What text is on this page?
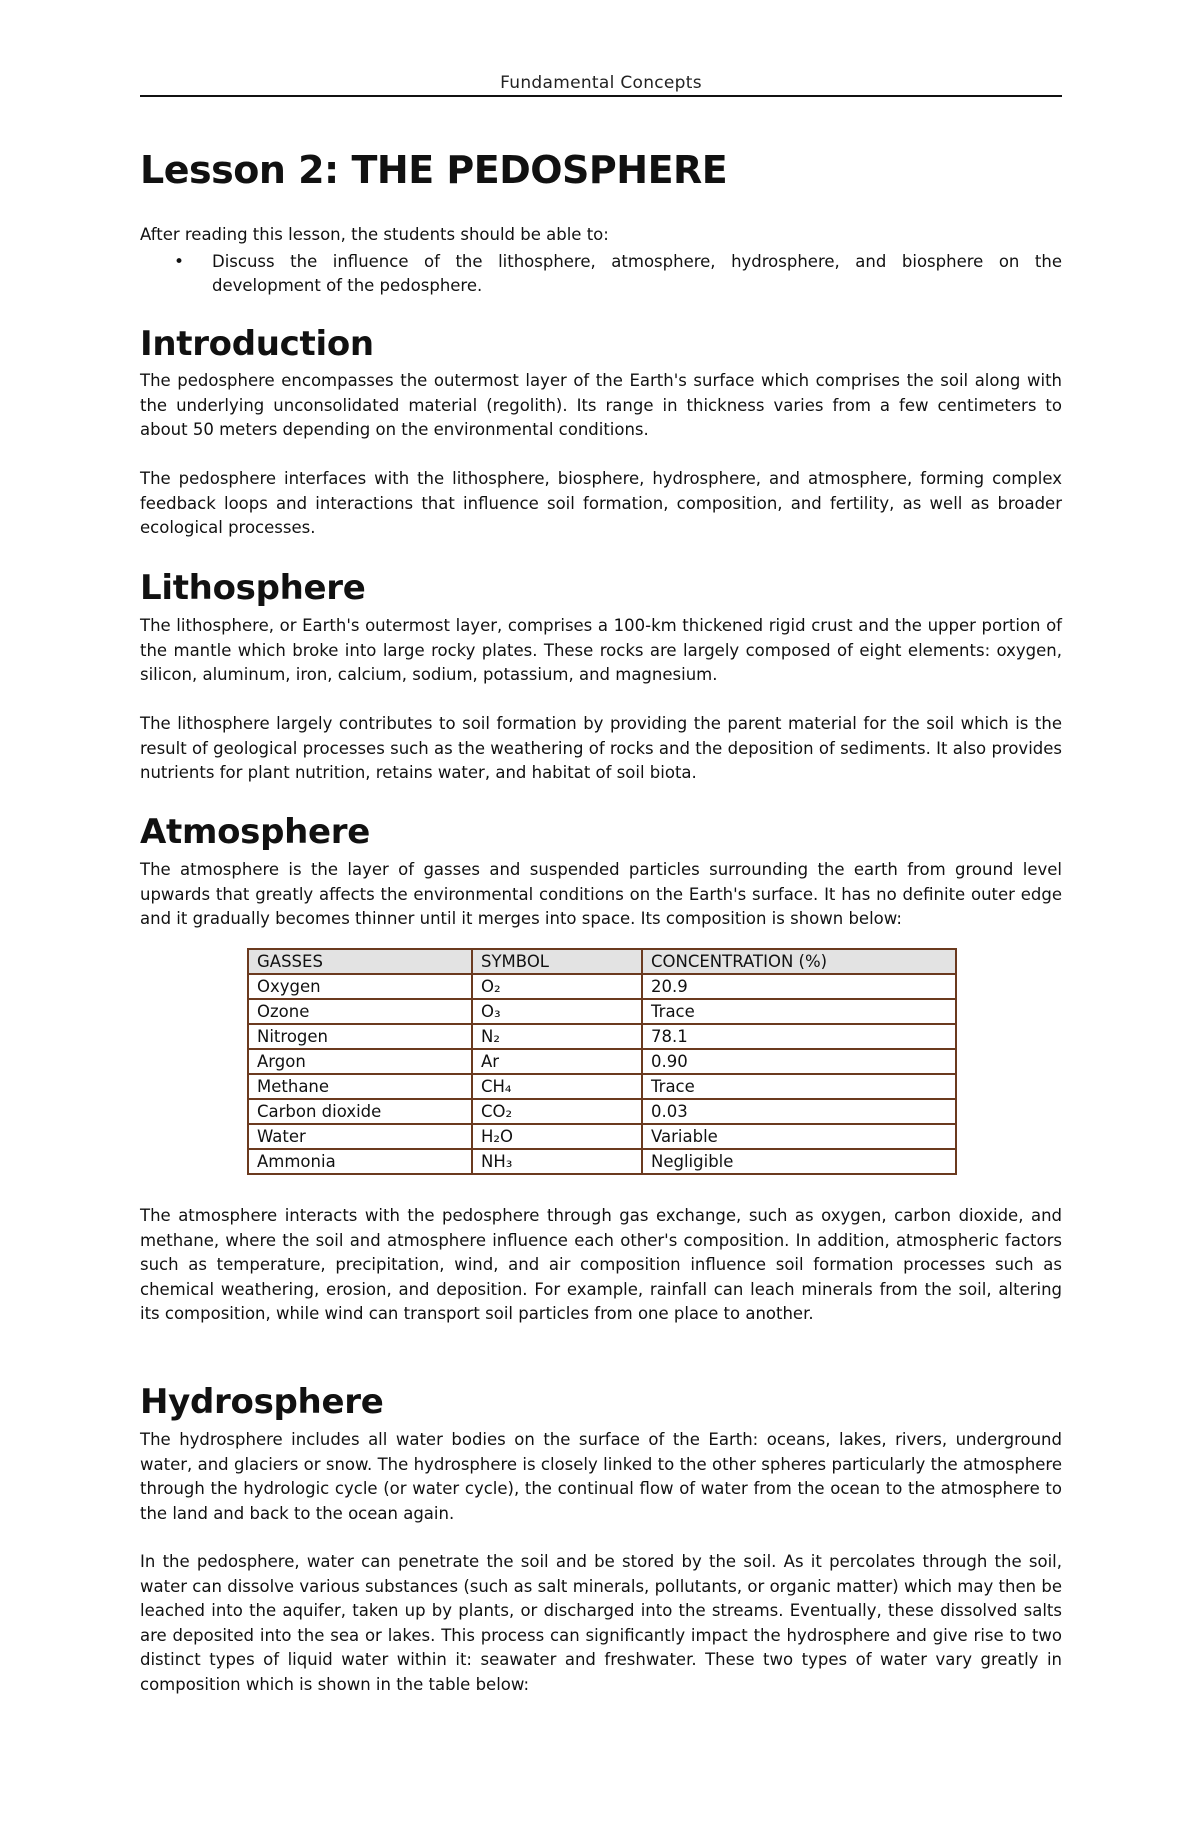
Fundamental Concepts
Lesson 2: THE PEDOSPHERE
After reading this lesson, the students should be able to:
• Discuss the influence of the lithosphere, atmosphere, hydrosphere, and biosphere on the development of the pedosphere.
Introduction

The pedosphere encompasses the outermost layer of the Earth's surface which comprises the soil along with the underlying unconsolidated material (regolith). Its range in thickness varies from a few centimeters to about 50 meters depending on the environmental conditions.

The pedosphere interfaces with the lithosphere, biosphere, hydrosphere, and atmosphere, forming complex feedback loops and interactions that influence soil formation, composition, and fertility, as well as broader ecological processes.

Lithosphere

The lithosphere, or Earth's outermost layer, comprises a 100-km thickened rigid crust and the upper portion of the mantle which broke into large rocky plates. These rocks are largely composed of eight elements: oxygen, silicon, aluminum, iron, calcium, sodium, potassium, and magnesium.

The lithosphere largely contributes to soil formation by providing the parent material for the soil which is the result of geological processes such as the weathering of rocks and the deposition of sediments. It also provides nutrients for plant nutrition, retains water, and habitat of soil biota.

Atmosphere

The atmosphere is the layer of gasses and suspended particles surrounding the earth from ground level upwards that greatly affects the environmental conditions on the Earth's surface. It has no definite outer edge and it gradually becomes thinner until it merges into space. Its composition is shown below:

GASSES	SYMBOL	CONCENTRATION (%)
Oxygen	O₂	20.9
Ozone	O₃	Trace
Nitrogen	N₂	78.1
Argon	Ar	0.90
Methane	CH₄	Trace
Carbon dioxide	CO₂	0.03
Water	H₂O	Variable
Ammonia	NH₃	Negligible

The atmosphere interacts with the pedosphere through gas exchange, such as oxygen, carbon dioxide, and methane, where the soil and atmosphere influence each other's composition. In addition, atmospheric factors such as temperature, precipitation, wind, and air composition influence soil formation processes such as chemical weathering, erosion, and deposition. For example, rainfall can leach minerals from the soil, altering its composition, while wind can transport soil particles from one place to another.

Hydrosphere

The hydrosphere includes all water bodies on the surface of the Earth: oceans, lakes, rivers, underground water, and glaciers or snow. The hydrosphere is closely linked to the other spheres particularly the atmosphere through the hydrologic cycle (or water cycle), the continual flow of water from the ocean to the atmosphere to the land and back to the ocean again.

In the pedosphere, water can penetrate the soil and be stored by the soil. As it percolates through the soil, water can dissolve various substances (such as salt minerals, pollutants, or organic matter) which may then be leached into the aquifer, taken up by plants, or discharged into the streams. Eventually, these dissolved salts are deposited into the sea or lakes. This process can significantly impact the hydrosphere and give rise to two distinct types of liquid water within it: seawater and freshwater. These two types of water vary greatly in composition which is shown in the table below:
